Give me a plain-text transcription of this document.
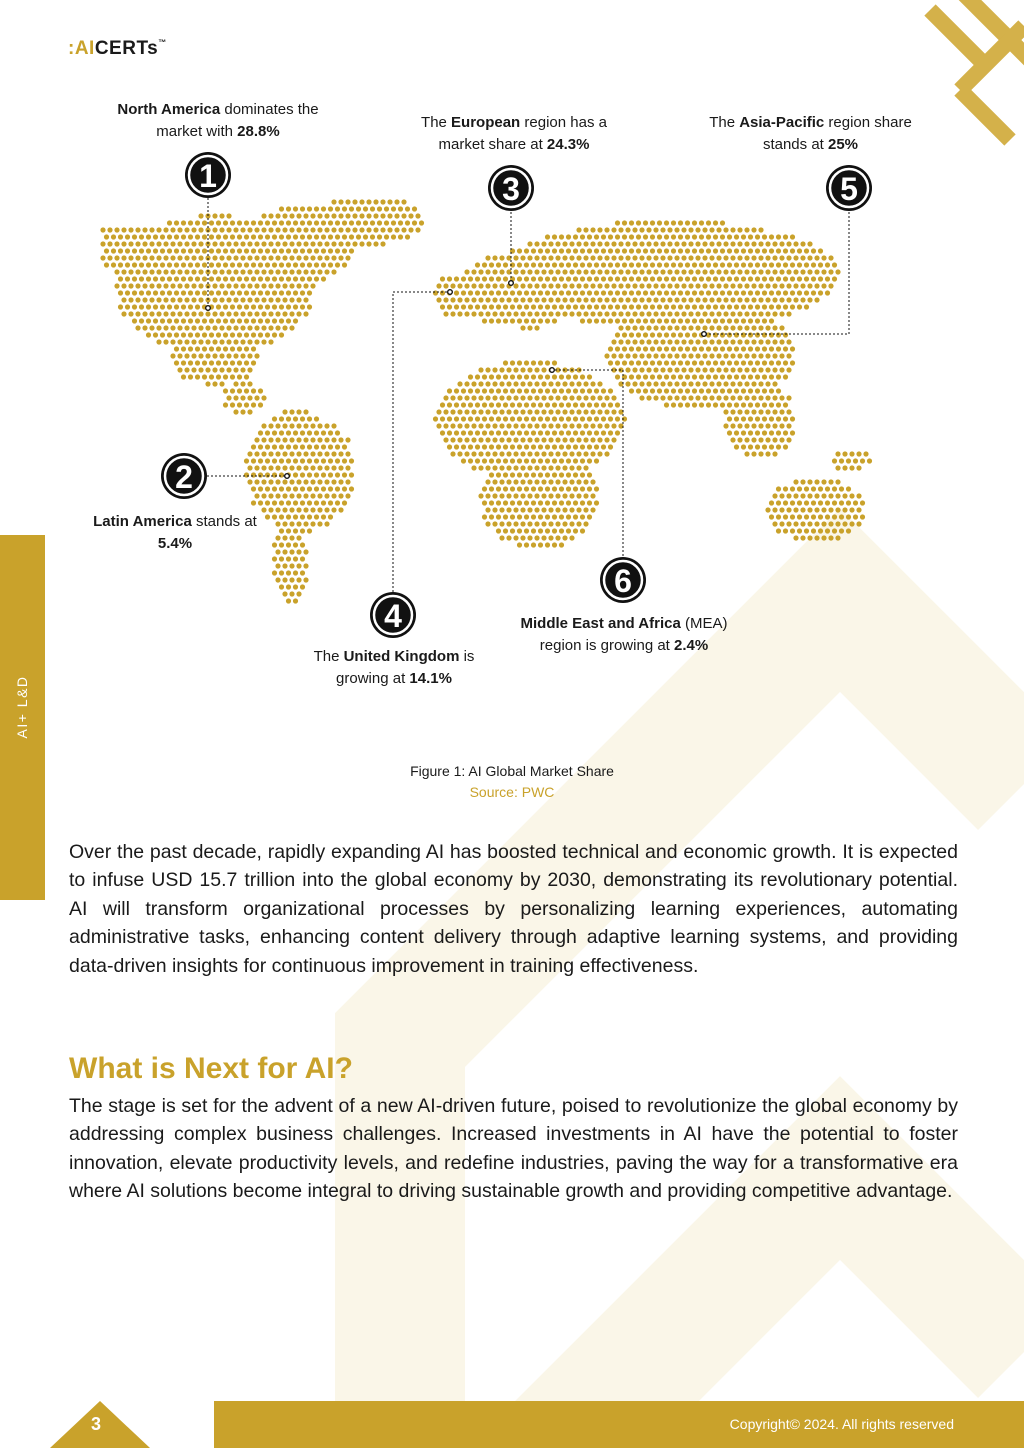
:AICERTs™
1
2
3
4
5
6
North America dominates the market with 28.8%
The European region has a market share at 24.3%
The Asia-Pacific region share stands at 25%
Latin America stands at 5.4%
The United Kingdom is growing at 14.1%
Middle East and Africa (MEA) region is growing at 2.4%
Figure 1: AI Global Market Share
Source: PWC
Over the past decade, rapidly expanding AI has boosted technical and economic growth. It is expected to infuse USD 15.7 trillion into the global economy by 2030, demonstrating its revolutionary potential. AI will transform organizational processes by personalizing learning experiences, automating administrative tasks, enhancing content delivery through adaptive learning systems, and providing data-driven insights for continuous improvement in training effectiveness.
What is Next for AI?
The stage is set for the advent of a new AI-driven future, poised to revolutionize the global economy by addressing complex business challenges. Increased investments in AI have the potential to foster innovation, elevate productivity levels, and redefine industries, paving the way for a transformative era where AI solutions become integral to driving sustainable growth and providing competitive advantage.
AI+ L&D
3	Copyright© 2024. All rights reserved
